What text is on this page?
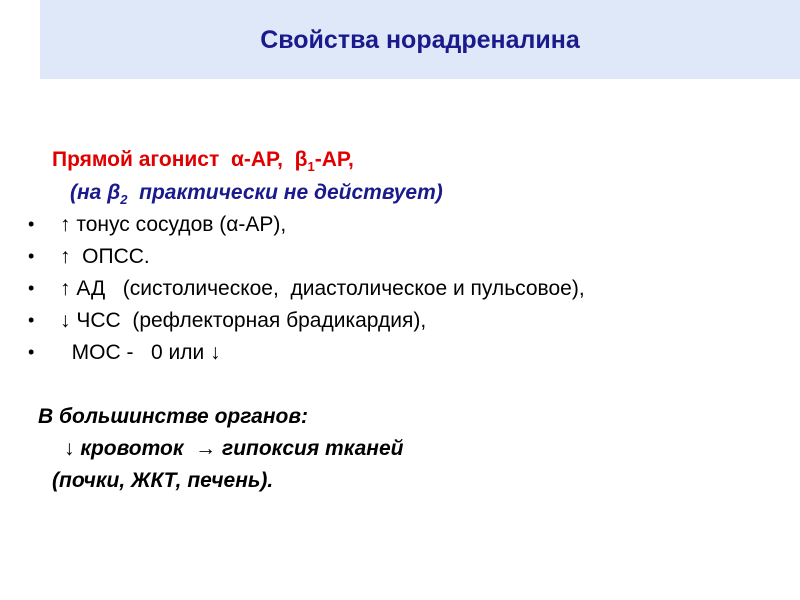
Свойства норадреналина
Прямой агонист α-АР, $\beta_1-АР$,
(на $\beta_2$ практически не действует)
• ↑ тонус сосудов (α-АР),
• ↑  ОПСС.
• ↑ АД   (систолическое,  диастолическое и пульсовое),
• ↓ ЧСС  (рефлекторная брадикардия),
• МОС -   0 или ↓
В большинстве органов:
↓ кровоток  → гипоксия тканей
(почки, ЖКТ, печень).
